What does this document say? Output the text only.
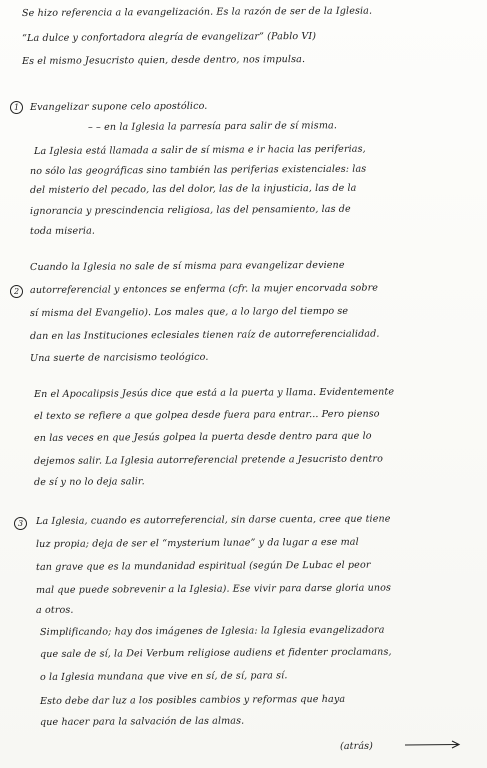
Se hizo referencia a la evangelización. Es la razón de ser de la Iglesia.
“La dulce y confortadora alegría de evangelizar” (Pablo VI)
Es el mismo Jesucristo quien, desde dentro, nos impulsa.
1	Evangelizar supone celo apostólico.
– – en la Iglesia la parresía para salir de sí misma.
La Iglesia está llamada a salir de sí misma e ir hacia las periferias,
no sólo las geográficas sino también las periferias existenciales: las
del misterio del pecado, las del dolor, las de la injusticia, las de la
ignorancia y prescindencia religiosa, las del pensamiento, las de
toda miseria.
2
Cuando la Iglesia no sale de sí misma para evangelizar deviene
autorreferencial y entonces se enferma (cfr. la mujer encorvada sobre
sí misma del Evangelio). Los males que, a lo largo del tiempo se
dan en las Instituciones eclesiales tienen raíz de autorreferencialidad.
Una suerte de narcisismo teológico.
En el Apocalipsis Jesús dice que está a la puerta y llama. Evidentemente
el texto se refiere a que golpea desde fuera para entrar... Pero pienso
en las veces en que Jesús golpea la puerta desde dentro para que lo
dejemos salir. La Iglesia autorreferencial pretende a Jesucristo dentro
de sí y no lo deja salir.
3	La Iglesia, cuando es autorreferencial, sin darse cuenta, cree que tiene
luz propia; deja de ser el “mysterium lunae” y da lugar a ese mal
tan grave que es la mundanidad espiritual (según De Lubac el peor
mal que puede sobrevenir a la Iglesia). Ese vivir para darse gloria unos
a otros.
Simplificando; hay dos imágenes de Iglesia: la Iglesia evangelizadora
que sale de sí, la Dei Verbum religiose audiens et fidenter proclamans,
o la Iglesia mundana que vive en sí, de sí, para sí.
Esto debe dar luz a los posibles cambios y reformas que haya
que hacer para la salvación de las almas.
(atrás)
